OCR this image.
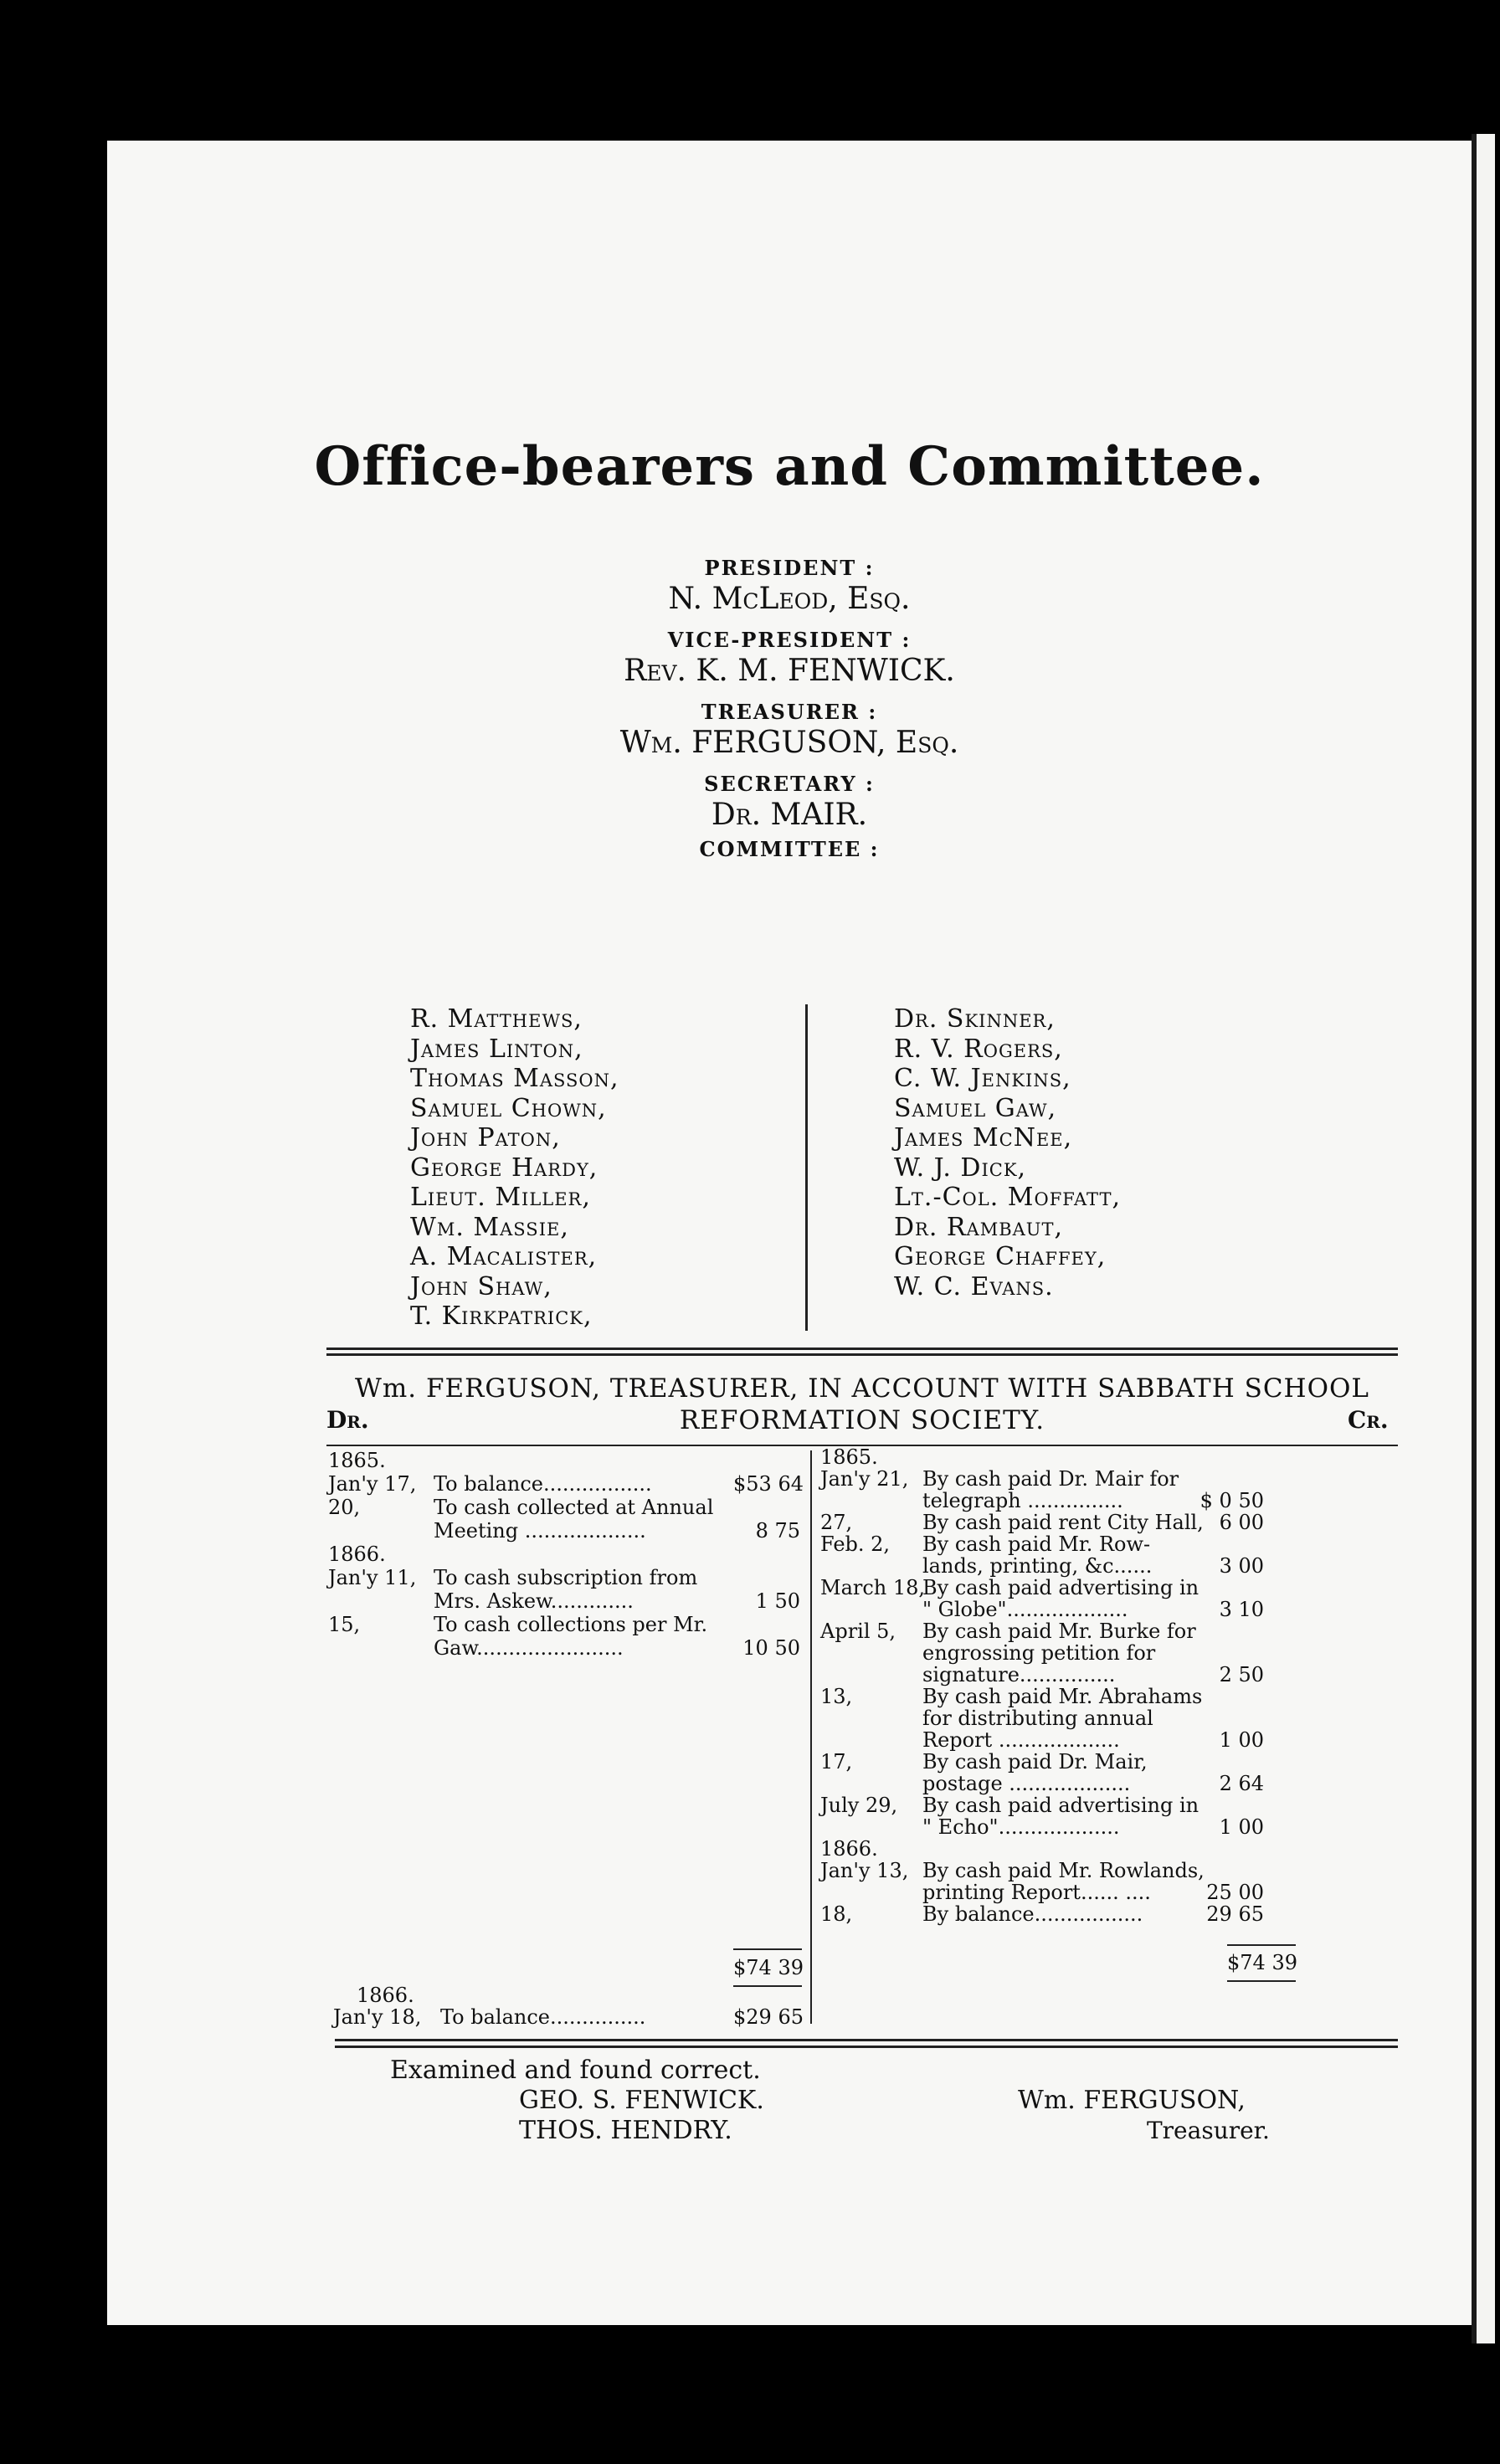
Office-bearers and Committee.
PRESIDENT :
N. McLeod, Esq.
VICE-PRESIDENT :
Rev. K. M. FENWICK.
TREASURER :
Wm. FERGUSON, Esq.
SECRETARY :
Dr. MAIR.
COMMITTEE :
R. Matthews,
James Linton,
Thomas Masson,
Samuel Chown,
John Paton,
George Hardy,
Lieut. Miller,
Wm. Massie,
A. Macalister,
John Shaw,
T. Kirkpatrick,
Dr. Skinner,
R. V. Rogers,
C. W. Jenkins,
Samuel Gaw,
James McNee,
W. J. Dick,
Lt.-Col. Moffatt,
Dr. Rambaut,
George Chaffey,
W. C. Evans.
Wm. FERGUSON, TREASURER, IN ACCOUNT WITH SABBATH SCHOOL
REFORMATION SOCIETY.
Dr.	Cr.
1865.
Jan'y 17, To balance.................	$53 64
20,	To cash collected at Annual
Meeting ...................	8 75
1866.
Jan'y 11, To cash subscription from
Mrs. Askew.............	1 50
15,	To cash collections per Mr.
Gaw.......................	10 50
1865.
Jan'y 21, By cash paid Dr. Mair for
telegraph ...............	$ 0 50
27,	By cash paid rent City Hall, 6 00
Feb. 2, By cash paid Mr. Row-
lands, printing, &c......	3 00
March 18,
By cash paid advertising in
" Globe"...................	3 10
April 5, By cash paid Mr. Burke for
engrossing petition for
signature...............	2 50
13,	By cash paid Mr. Abrahams
for distributing annual
Report ...................	1 00
17,	By cash paid Dr. Mair,
postage ...................	2 64
July 29, By cash paid advertising in
" Echo"...................	1 00
1866.
Jan'y 13, By cash paid Mr. Rowlands,
printing Report...... ....	25 00
18,	By balance.................	29 65
$74 39	$74 39
1866.
Jan'y 18, To balance...............	$29 65
Examined and found correct.
GEO. S. FENWICK.
THOS. HENDRY.
Wm. FERGUSON,
Treasurer.
